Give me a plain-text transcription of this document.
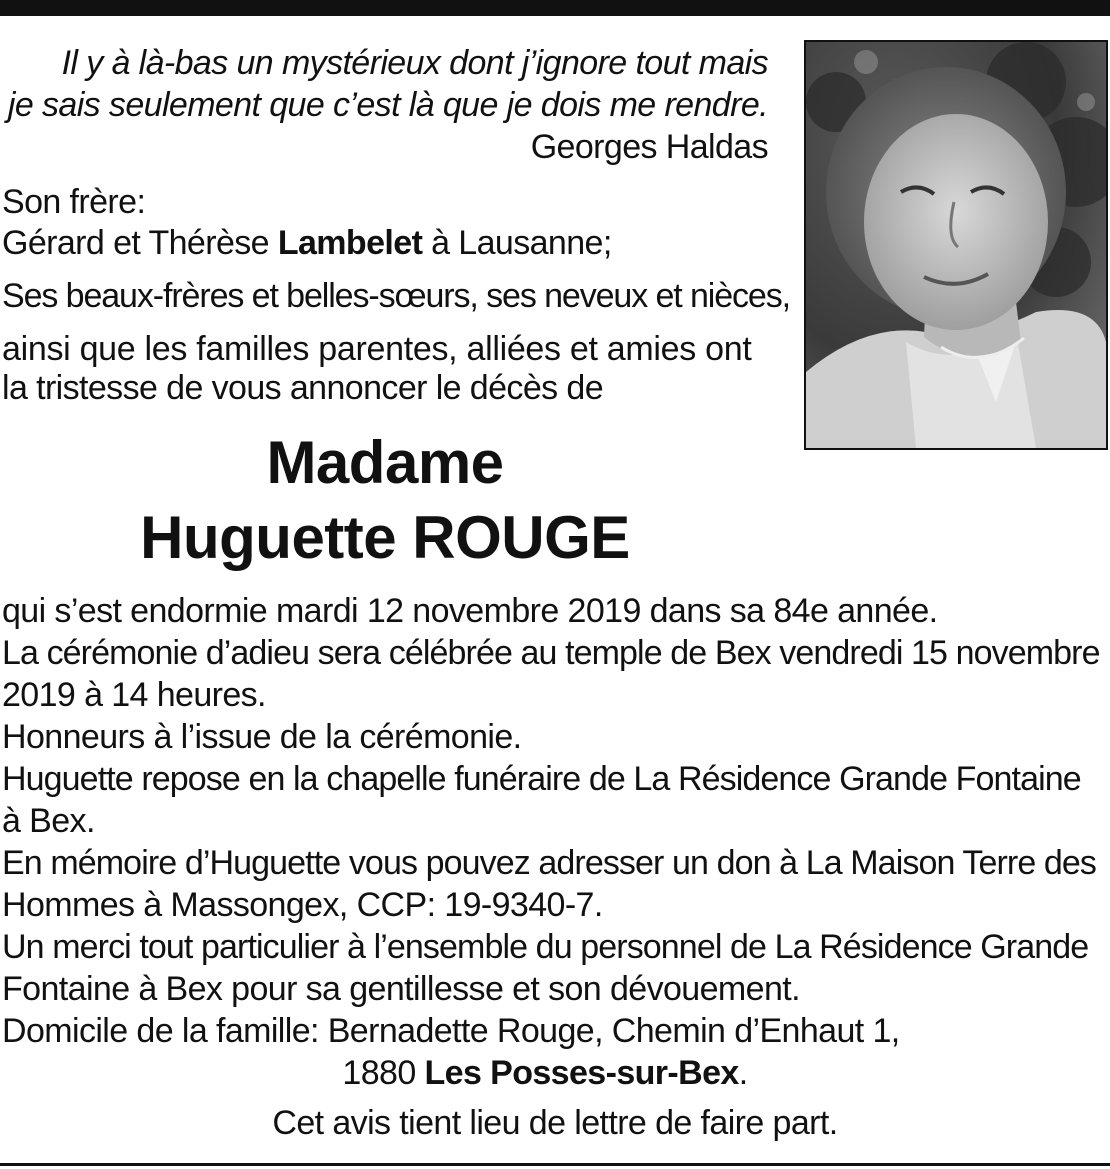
Il y à là-bas un mystérieux dont j’ignore tout mais
je sais seulement que c’est là que je dois me rendre.
Georges Haldas
Son frère:
Gérard et Thérèse Lambelet à Lausanne;
Ses beaux-frères et belles-sœurs, ses neveux et nièces,
ainsi que les familles parentes, alliées et amies ont
la tristesse de vous annoncer le décès de
Madame
Huguette ROUGE
qui s’est endormie mardi 12 novembre 2019 dans sa 84e année.
La cérémonie d’adieu sera célébrée au temple de Bex vendredi 15 novembre
2019 à 14 heures.
Honneurs à l’issue de la cérémonie.
Huguette repose en la chapelle funéraire de La Résidence Grande Fontaine
à Bex.
En mémoire d’Huguette vous pouvez adresser un don à La Maison Terre des
Hommes à Massongex, CCP: 19-9340-7.
Un merci tout particulier à l’ensemble du personnel de La Résidence Grande
Fontaine à Bex pour sa gentillesse et son dévouement.
Domicile de la famille: Bernadette Rouge, Chemin d’Enhaut 1,
1880 Les Posses-sur-Bex.
Cet avis tient lieu de lettre de faire part.
